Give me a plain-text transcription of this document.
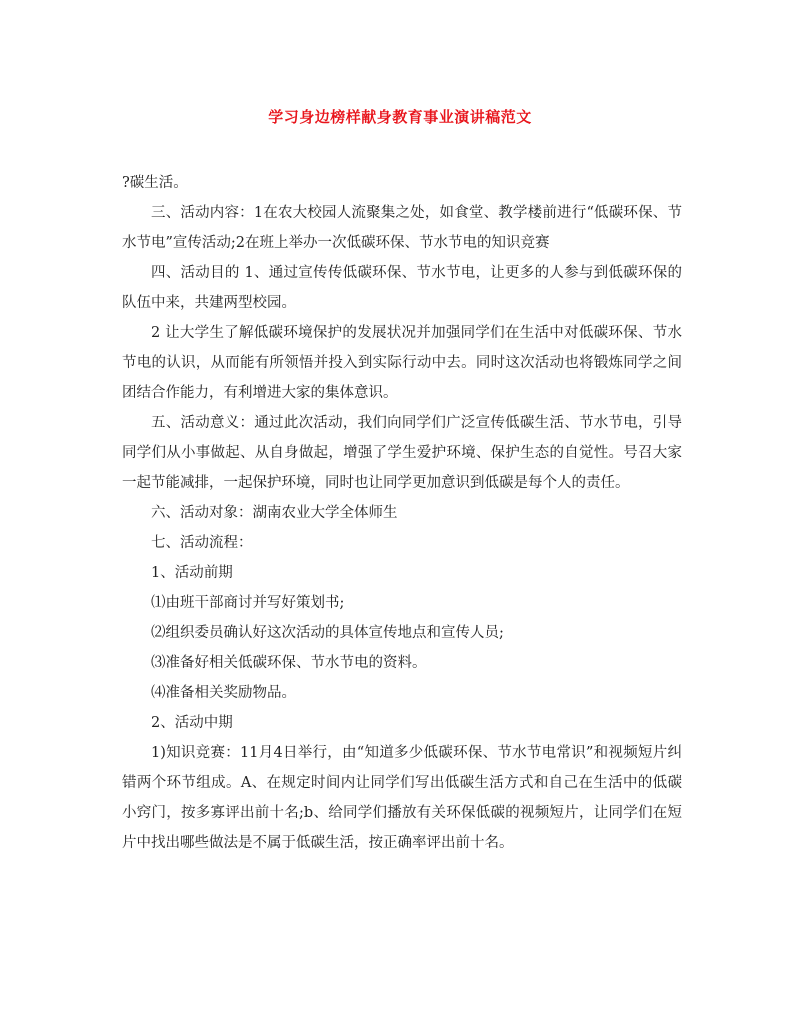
学习身边榜样献身教育事业演讲稿范文

?碳生活。

三、活动内容：1在农大校园人流聚集之处，如食堂、教学楼前进行“低碳环保、节水节电”宣传活动;2在班上举办一次低碳环保、节水节电的知识竞赛

四、活动目的 1、通过宣传传低碳环保、节水节电，让更多的人参与到低碳环保的队伍中来，共建两型校园。

2 让大学生了解低碳环境保护的发展状况并加强同学们在生活中对低碳环保、节水节电的认识，从而能有所领悟并投入到实际行动中去。同时这次活动也将锻炼同学之间团结合作能力，有利增进大家的集体意识。

五、活动意义：通过此次活动，我们向同学们广泛宣传低碳生活、节水节电，引导同学们从小事做起、从自身做起，增强了学生爱护环境、保护生态的自觉性。号召大家一起节能减排，一起保护环境，同时也让同学更加意识到低碳是每个人的责任。

六、活动对象：湖南农业大学全体师生

七、活动流程：

1、活动前期

⑴由班干部商讨并写好策划书;

⑵组织委员确认好这次活动的具体宣传地点和宣传人员;

⑶准备好相关低碳环保、节水节电的资料。

⑷准备相关奖励物品。

2、活动中期

1)知识竞赛：11月4日举行，由“知道多少低碳环保、节水节电常识”和视频短片纠错两个环节组成。A、在规定时间内让同学们写出低碳生活方式和自己在生活中的低碳小窍门，按多寡评出前十名;b、给同学们播放有关环保低碳的视频短片，让同学们在短片中找出哪些做法是不属于低碳生活，按正确率评出前十名。
